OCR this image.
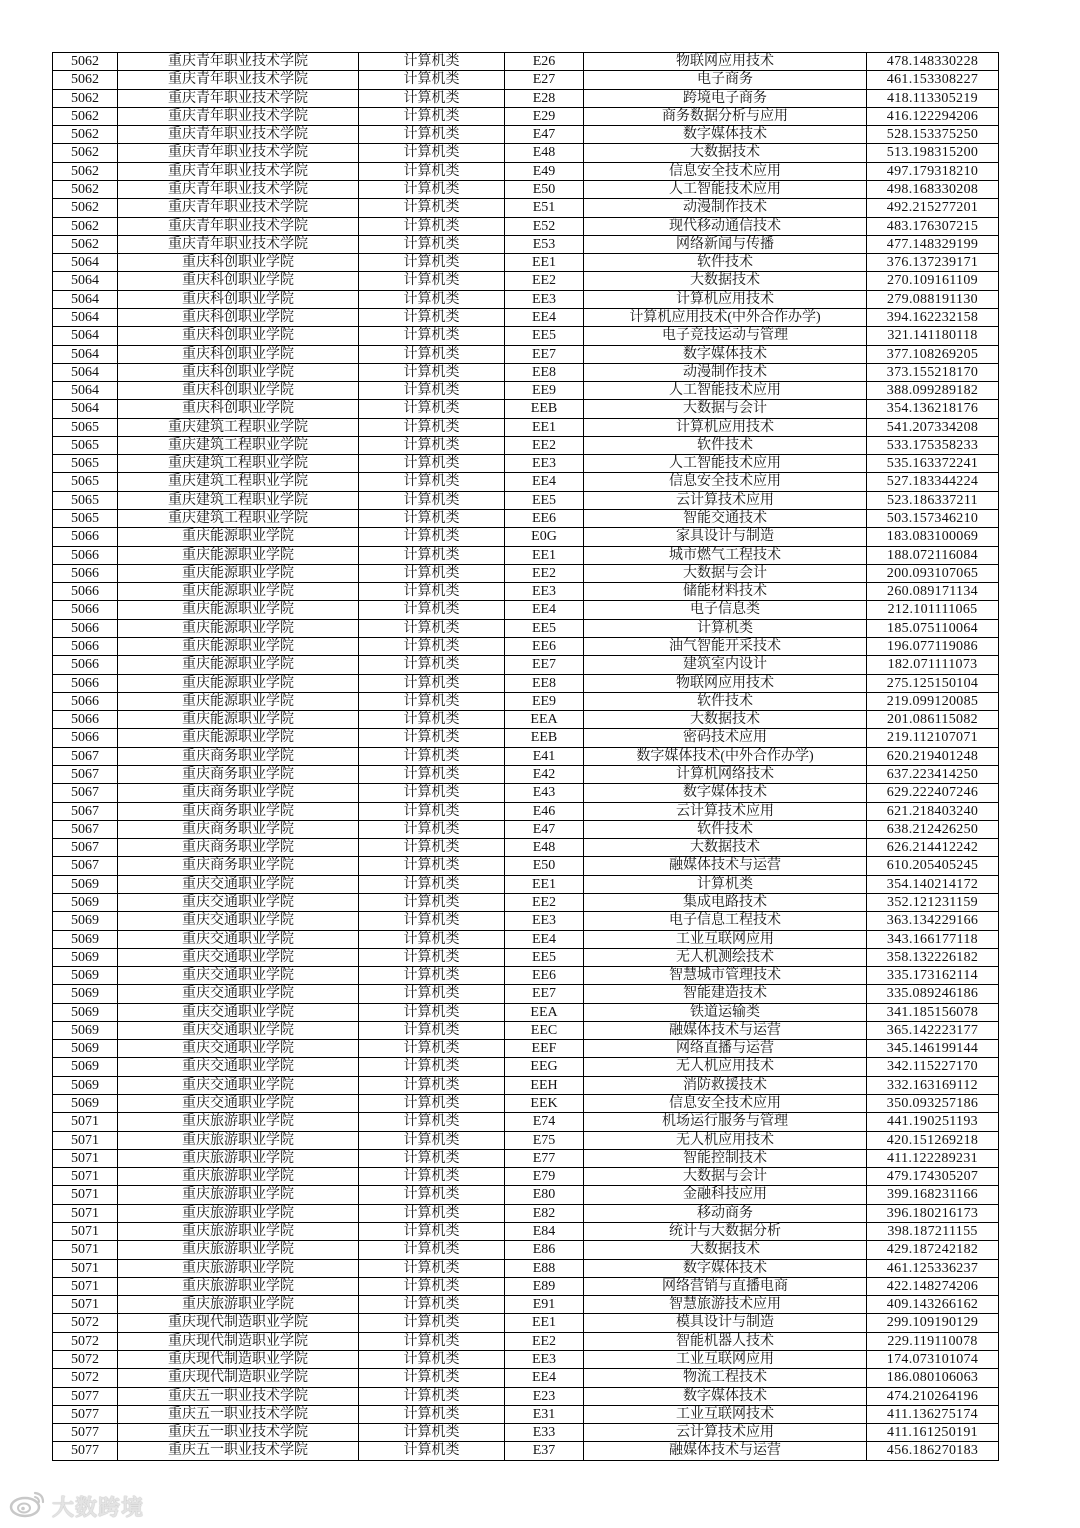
5062	重庆青年职业技术学院	计算机类	E26	物联网应用技术	478.148330228
5062	重庆青年职业技术学院	计算机类	E27	电子商务	461.153308227
5062	重庆青年职业技术学院	计算机类	E28	跨境电子商务	418.113305219
5062	重庆青年职业技术学院	计算机类	E29	商务数据分析与应用	416.122294206
5062	重庆青年职业技术学院	计算机类	E47	数字媒体技术	528.153375250
5062	重庆青年职业技术学院	计算机类	E48	大数据技术	513.198315200
5062	重庆青年职业技术学院	计算机类	E49	信息安全技术应用	497.179318210
5062	重庆青年职业技术学院	计算机类	E50	人工智能技术应用	498.168330208
5062	重庆青年职业技术学院	计算机类	E51	动漫制作技术	492.215277201
5062	重庆青年职业技术学院	计算机类	E52	现代移动通信技术	483.176307215
5062	重庆青年职业技术学院	计算机类	E53	网络新闻与传播	477.148329199
5064	重庆科创职业学院	计算机类	EE1	软件技术	376.137239171
5064	重庆科创职业学院	计算机类	EE2	大数据技术	270.109161109
5064	重庆科创职业学院	计算机类	EE3	计算机应用技术	279.088191130
5064	重庆科创职业学院	计算机类	EE4	计算机应用技术(中外合作办学)	394.162232158
5064	重庆科创职业学院	计算机类	EE5	电子竞技运动与管理	321.141180118
5064	重庆科创职业学院	计算机类	EE7	数字媒体技术	377.108269205
5064	重庆科创职业学院	计算机类	EE8	动漫制作技术	373.155218170
5064	重庆科创职业学院	计算机类	EE9	人工智能技术应用	388.099289182
5064	重庆科创职业学院	计算机类	EEB	大数据与会计	354.136218176
5065	重庆建筑工程职业学院	计算机类	EE1	计算机应用技术	541.207334208
5065	重庆建筑工程职业学院	计算机类	EE2	软件技术	533.175358233
5065	重庆建筑工程职业学院	计算机类	EE3	人工智能技术应用	535.163372241
5065	重庆建筑工程职业学院	计算机类	EE4	信息安全技术应用	527.183344224
5065	重庆建筑工程职业学院	计算机类	EE5	云计算技术应用	523.186337211
5065	重庆建筑工程职业学院	计算机类	EE6	智能交通技术	503.157346210
5066	重庆能源职业学院	计算机类	E0G	家具设计与制造	183.083100069
5066	重庆能源职业学院	计算机类	EE1	城市燃气工程技术	188.072116084
5066	重庆能源职业学院	计算机类	EE2	大数据与会计	200.093107065
5066	重庆能源职业学院	计算机类	EE3	储能材料技术	260.089171134
5066	重庆能源职业学院	计算机类	EE4	电子信息类	212.101111065
5066	重庆能源职业学院	计算机类	EE5	计算机类	185.075110064
5066	重庆能源职业学院	计算机类	EE6	油气智能开采技术	196.077119086
5066	重庆能源职业学院	计算机类	EE7	建筑室内设计	182.071111073
5066	重庆能源职业学院	计算机类	EE8	物联网应用技术	275.125150104
5066	重庆能源职业学院	计算机类	EE9	软件技术	219.099120085
5066	重庆能源职业学院	计算机类	EEA	大数据技术	201.086115082
5066	重庆能源职业学院	计算机类	EEB	密码技术应用	219.112107071
5067	重庆商务职业学院	计算机类	E41	数字媒体技术(中外合作办学)	620.219401248
5067	重庆商务职业学院	计算机类	E42	计算机网络技术	637.223414250
5067	重庆商务职业学院	计算机类	E43	数字媒体技术	629.222407246
5067	重庆商务职业学院	计算机类	E46	云计算技术应用	621.218403240
5067	重庆商务职业学院	计算机类	E47	软件技术	638.212426250
5067	重庆商务职业学院	计算机类	E48	大数据技术	626.214412242
5067	重庆商务职业学院	计算机类	E50	融媒体技术与运营	610.205405245
5069	重庆交通职业学院	计算机类	EE1	计算机类	354.140214172
5069	重庆交通职业学院	计算机类	EE2	集成电路技术	352.121231159
5069	重庆交通职业学院	计算机类	EE3	电子信息工程技术	363.134229166
5069	重庆交通职业学院	计算机类	EE4	工业互联网应用	343.166177118
5069	重庆交通职业学院	计算机类	EE5	无人机测绘技术	358.132226182
5069	重庆交通职业学院	计算机类	EE6	智慧城市管理技术	335.173162114
5069	重庆交通职业学院	计算机类	EE7	智能建造技术	335.089246186
5069	重庆交通职业学院	计算机类	EEA	铁道运输类	341.185156078
5069	重庆交通职业学院	计算机类	EEC	融媒体技术与运营	365.142223177
5069	重庆交通职业学院	计算机类	EEF	网络直播与运营	345.146199144
5069	重庆交通职业学院	计算机类	EEG	无人机应用技术	342.115227170
5069	重庆交通职业学院	计算机类	EEH	消防救援技术	332.163169112
5069	重庆交通职业学院	计算机类	EEK	信息安全技术应用	350.093257186
5071	重庆旅游职业学院	计算机类	E74	机场运行服务与管理	441.190251193
5071	重庆旅游职业学院	计算机类	E75	无人机应用技术	420.151269218
5071	重庆旅游职业学院	计算机类	E77	智能控制技术	411.122289231
5071	重庆旅游职业学院	计算机类	E79	大数据与会计	479.174305207
5071	重庆旅游职业学院	计算机类	E80	金融科技应用	399.168231166
5071	重庆旅游职业学院	计算机类	E82	移动商务	396.180216173
5071	重庆旅游职业学院	计算机类	E84	统计与大数据分析	398.187211155
5071	重庆旅游职业学院	计算机类	E86	大数据技术	429.187242182
5071	重庆旅游职业学院	计算机类	E88	数字媒体技术	461.125336237
5071	重庆旅游职业学院	计算机类	E89	网络营销与直播电商	422.148274206
5071	重庆旅游职业学院	计算机类	E91	智慧旅游技术应用	409.143266162
5072	重庆现代制造职业学院	计算机类	EE1	模具设计与制造	299.109190129
5072	重庆现代制造职业学院	计算机类	EE2	智能机器人技术	229.119110078
5072	重庆现代制造职业学院	计算机类	EE3	工业互联网应用	174.073101074
5072	重庆现代制造职业学院	计算机类	EE4	物流工程技术	186.080106063
5077	重庆五一职业技术学院	计算机类	E23	数字媒体技术	474.210264196
5077	重庆五一职业技术学院	计算机类	E31	工业互联网技术	411.136275174
5077	重庆五一职业技术学院	计算机类	E33	云计算技术应用	411.161250191
5077	重庆五一职业技术学院	计算机类	E37	融媒体技术与运营	456.186270183
大数跨境
